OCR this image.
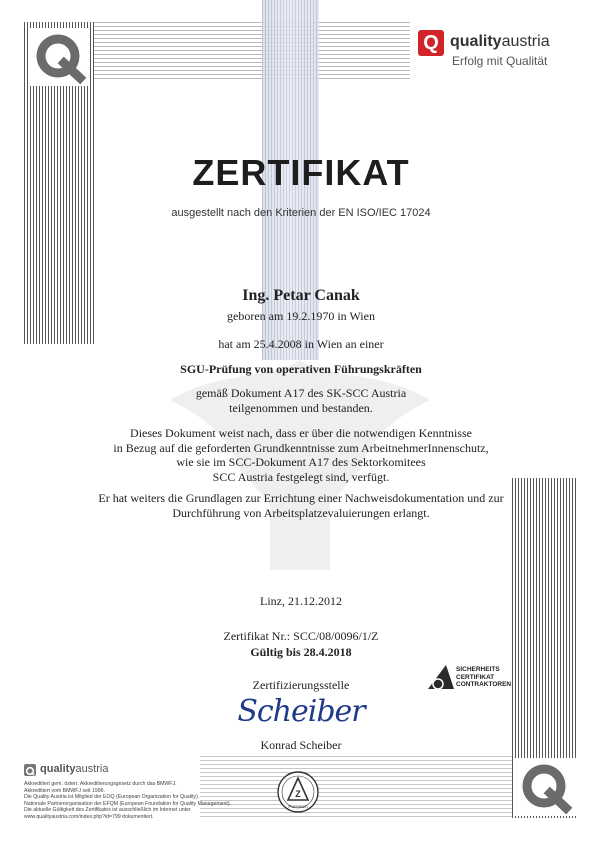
Q qualityaustria
Erfolg mit Qualität
ZERTIFIKAT
ausgestellt nach den Kriterien der EN ISO/IEC 17024
Ing. Petar Canak
geboren am 19.2.1970 in Wien
hat am 25.4.2008 in Wien an einer
SGU-Prüfung von operativen Führungskräften
gemäß Dokument A17 des SK-SCC Austria
teilgenommen und bestanden.
Dieses Dokument weist nach, dass er über die notwendigen Kenntnisse
in Bezug auf die geforderten Grundkenntnisse zum ArbeitnehmerInnenschutz,
wie sie im SCC-Dokument A17 des Sektorkomitees
SCC Austria festgelegt sind, verfügt.
Er hat weiters die Grundlagen zur Errichtung einer Nachweisdokumentation und zur
Durchführung von Arbeitsplatzevaluierungen erlangt.
Linz, 21.12.2012
Zertifikat Nr.: SCC/08/0096/1/Z
Gültig bis 28.4.2018
Zertifizierungsstelle
Scheiber
Konrad Scheiber
SICHERHEITS
CERTIFIKAT
CONTRAKTOREN
qualityaustria
Akkreditiert gem. österr. Akkreditierungsgesetz durch das BMWFJ.
Akkreditiert vom BMWFJ seit 1996.
Die Quality Austria ist Mitglied der EOQ (European Organization for Quality).
Nationale Partnerorganisation der EFQM (European Foundation for Quality Management).
Die aktuelle Gültigkeit des Zertifikates ist ausschließlich im Internet unter
www.qualityaustria.com/index.php?id=799 dokumentiert.
Z
Personen
